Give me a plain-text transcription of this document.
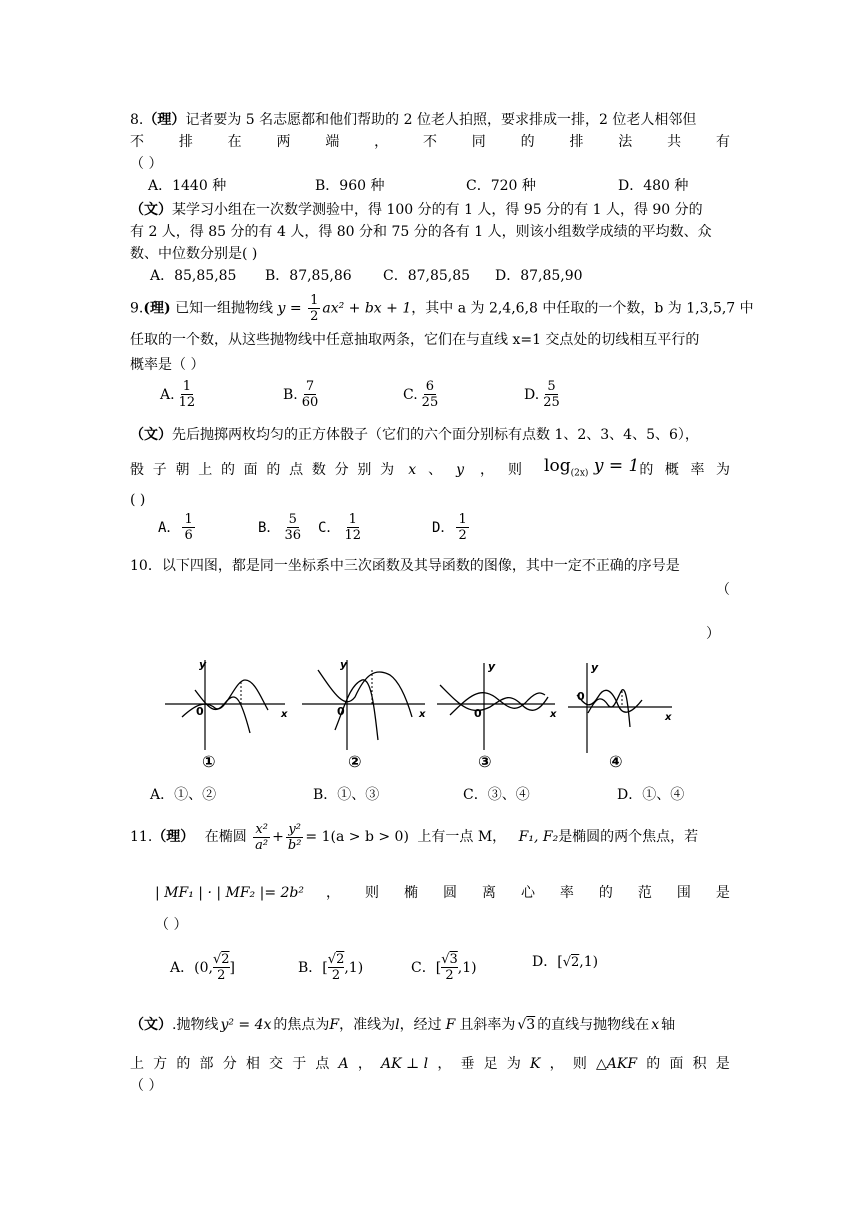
8.（理）记者要为 5 名志愿都和他们帮助的 2 位老人拍照，要求排成一排，2 位老人相邻但
不 排 在 两 端 ， 不 同 的 排 法 共 有
（ ）
A．1440 种	B．960 种	C．720 种	D．480 种
（文）某学习小组在一次数学测验中，得 100 分的有 1 人，得 95 分的有 1 人，得 90 分的
有 2 人，得 85 分的有 4 人，得 80 分和 75 分的各有 1 人，则该小组数学成绩的平均数、众
数、中位数分别是( )
A．85,85,85 B．87,85,86 C．87,85,85 D．87,85,90
9.(理) 已知一组抛物线 $y = \frac{1}{2} ax^2$ + bx + 1，其中 a 为 2,4,6,8 中任取的一个数，b 为 1,3,5,7 中
任取的一个数，从这些抛物线中任意抽取两条，它们在与直线 x=1 交点处的切线相互平行的
概率是（ ）
A. $\frac{1}{12}$	B. $\frac{7}{60}$	C. $\frac{6}{25}$	D. $\frac{5}{25}$
（文）先后抛掷两枚均匀的正方体骰子（它们的六个面分别标有点数 1、2、3、4、5、6），
骰 子 朝 上 的 面 的 点 数 分 别 为 x 、 y ， 则 $\log_{(2x)} y = 1$ 的 概 率 为
( )
A． $\frac{1}{6}$	B． $\frac{5}{36}$ C． $\frac{1}{12}$	D． $\frac{1}{2}$
10．以下四图，都是同一坐标系中三次函数及其导函数的图像，其中一定不正确的序号是
（
）
y
x
0
①
y
x
0
②
y
x
0
③
y
x
0
④
A．①、②	B．①、③	C．③、④	D．①、④
11.（理） 在椭圆 $\frac{\text{x²}}{\text{a²}} + \frac{\text{y²}}{\text{b²}} = 1(a > b > 0)$ 上有一点 M， F₁, F₂是椭圆的两个焦点，若
| MF₁ | · | MF₂ |= 2b² ， 则 椭 圆 离 心 率 的 范 围 是
（ ）
A． (0, √2
2 ]	B． [ √2
2 ,1)	C． [ √3
2 ,1)	D． [ √2 ,1)
（文） .抛物线 y² = 4x 的焦点为 F ，准线为 l ，经过 F 且斜率为 √3 的直线与抛物线在 x 轴
上 方 的 部 分 相 交 于 点 A ， AK ⊥ l ， 垂 足 为 K ， 则 △AKF 的 面 积 是
（ ）
